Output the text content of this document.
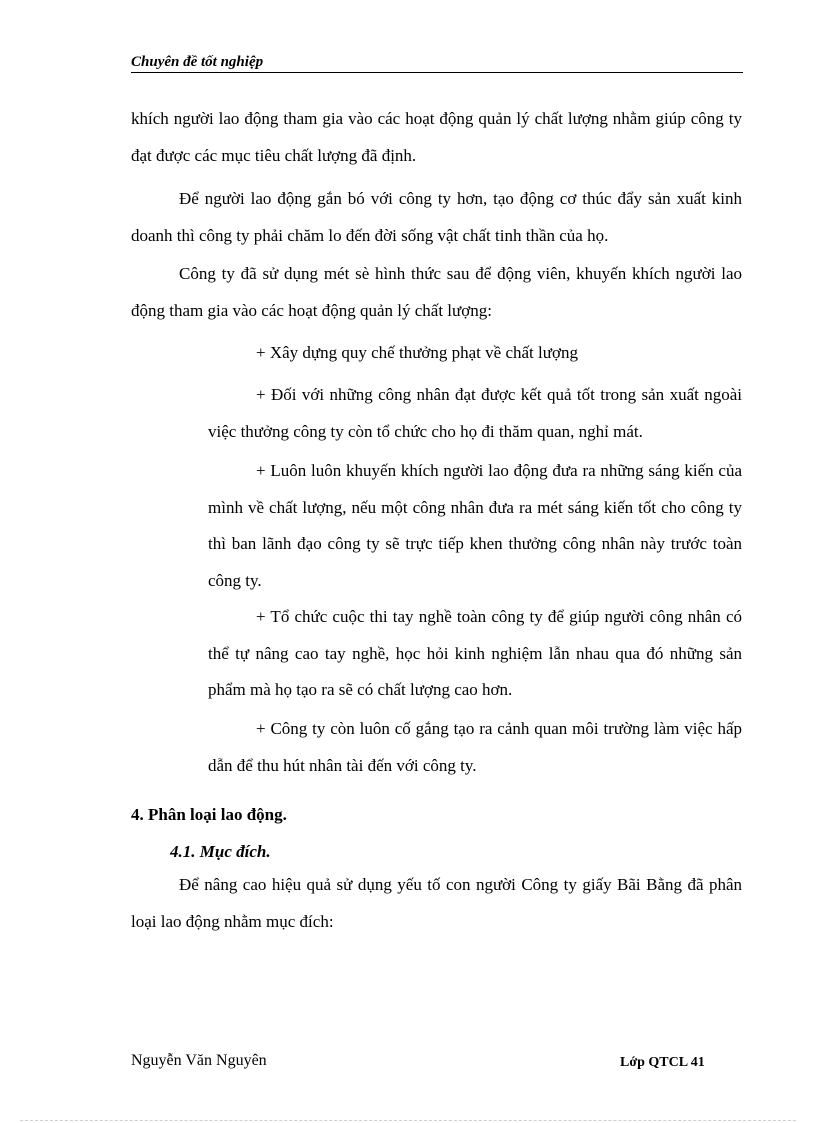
Chuyên đề tốt nghiệp

khích người lao động tham gia vào các hoạt động quản lý chất lượng nhằm giúp công ty đạt được các mục tiêu chất lượng đã định.

Để người lao động gắn bó với công ty hơn, tạo động cơ thúc đẩy sản xuất kinh doanh thì công ty phải chăm lo đến đời sống vật chất tinh thần của họ.

Công ty đã sử dụng mét sè hình thức sau để động viên, khuyến khích người lao động tham gia vào các hoạt động quản lý chất lượng:

+ Xây dựng quy chế thưởng phạt về chất lượng

+ Đối với những công nhân đạt được kết quả tốt trong sản xuất ngoài việc thưởng công ty còn tổ chức cho họ đi thăm quan, nghỉ mát.

+ Luôn luôn khuyến khích người lao động đưa ra những sáng kiến của mình về chất lượng, nếu một công nhân đưa ra mét sáng kiến tốt cho công ty thì ban lãnh đạo công ty sẽ trực tiếp khen thưởng công nhân này trước toàn công ty.

+ Tổ chức cuộc thi tay nghề toàn công ty để giúp người công nhân có thể tự nâng cao tay nghề, học hỏi kinh nghiệm lẫn nhau qua đó những sản phẩm mà họ tạo ra sẽ có chất lượng cao hơn.

+ Công ty còn luôn cố gắng tạo ra cảnh quan môi trường làm việc hấp dẫn để thu hút nhân tài đến với công ty.

4. Phân loại lao động.

4.1. Mục đích.

Để nâng cao hiệu quả sử dụng yếu tố con người Công ty giấy Bãi Bằng đã phân loại lao động nhằm mục đích:

Nguyễn Văn Nguyên	Lớp QTCL 41
